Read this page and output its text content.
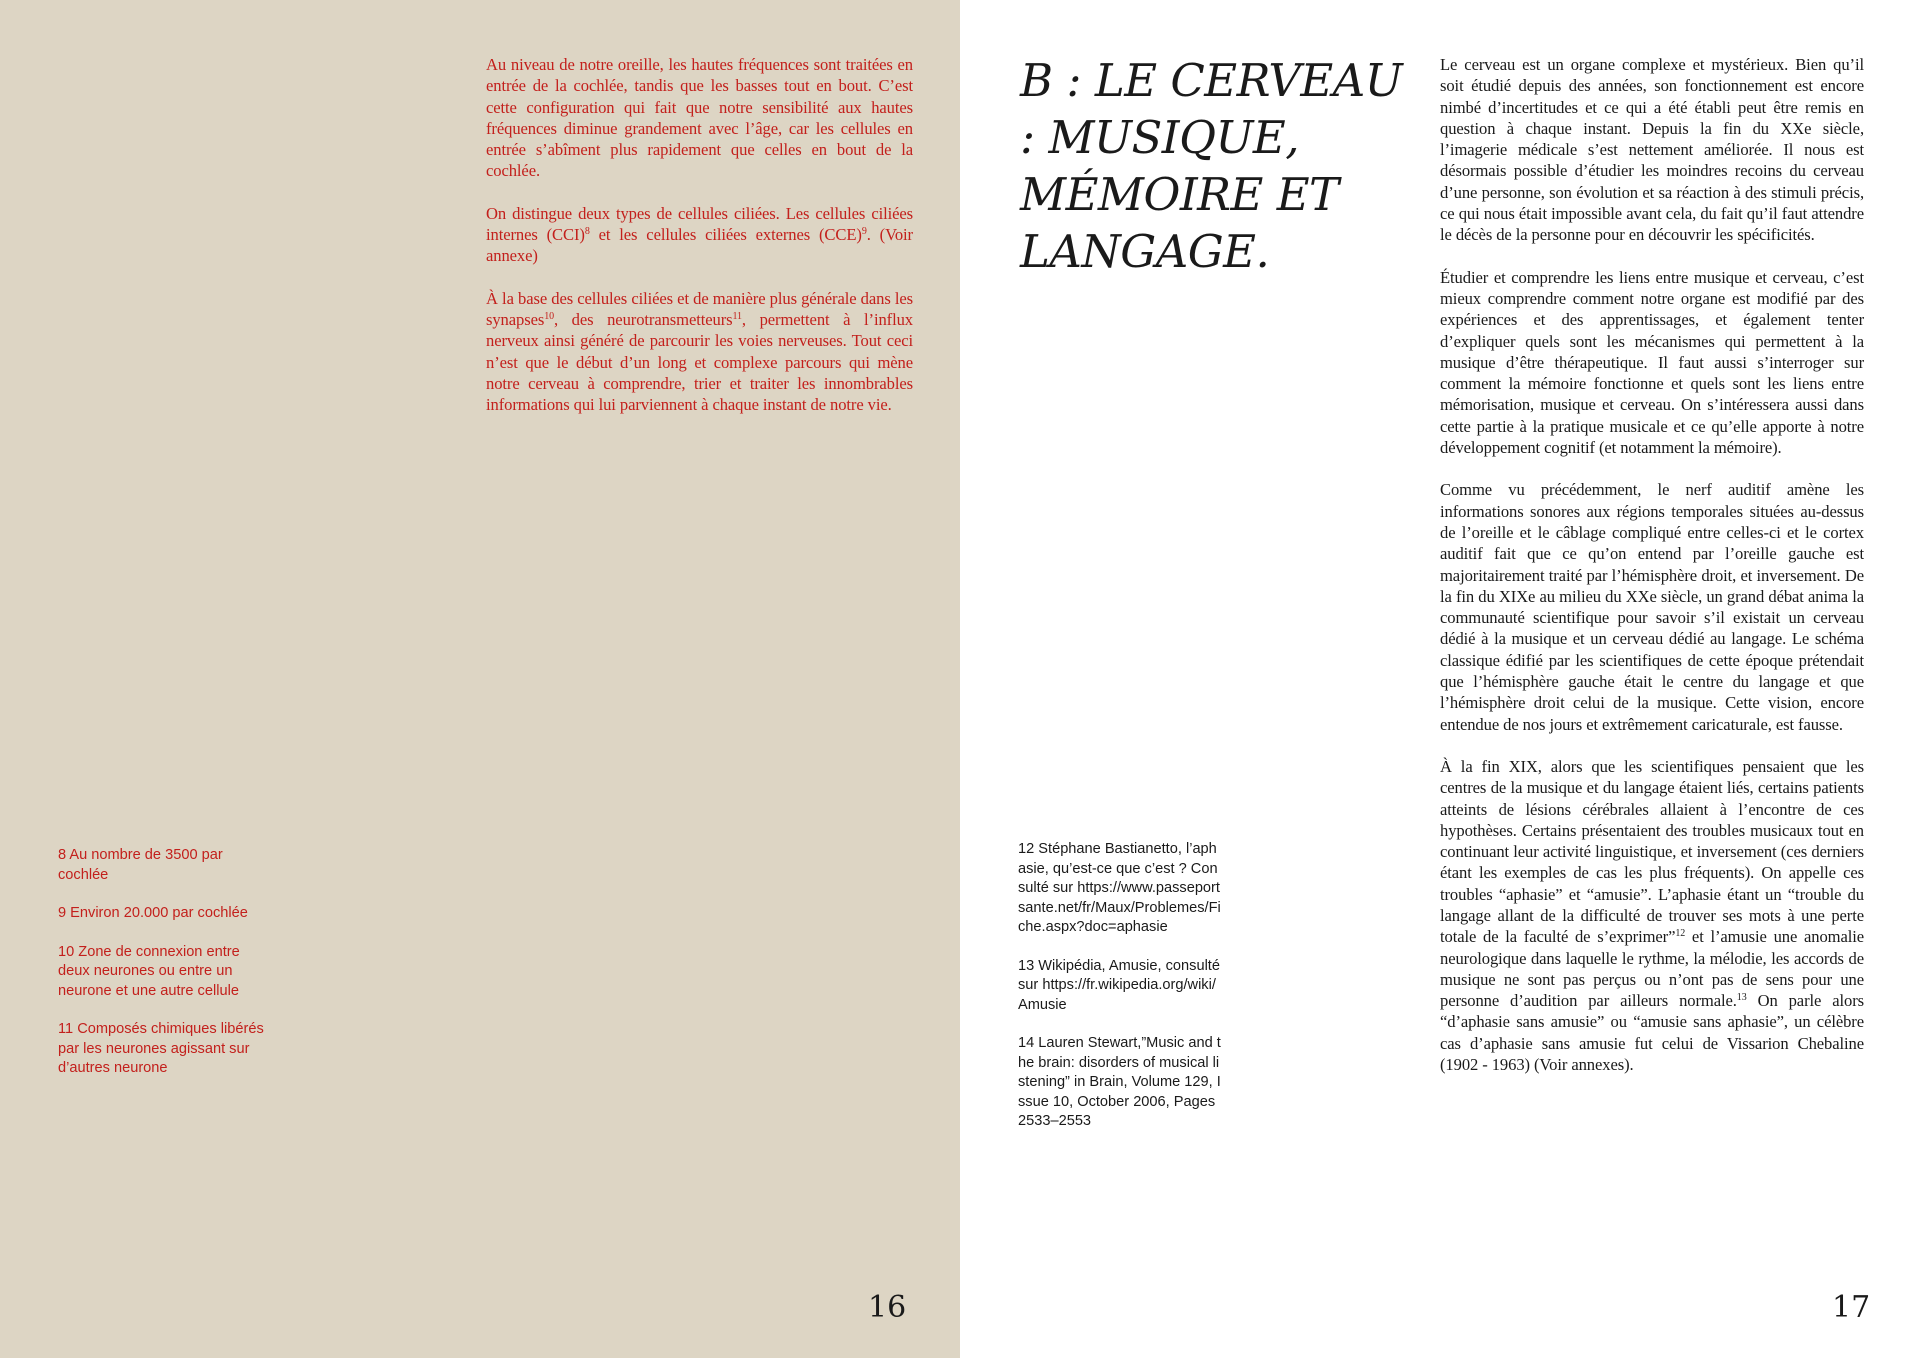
Au niveau de notre oreille, les hautes fréquences sont traitées en entrée de la cochlée, tandis que les basses tout en bout. C’est cette configuration qui fait que notre sensibilité aux hautes fréquences diminue grandement avec l’âge, car les cellules en entrée s’abîment plus rapidement que celles en bout de la cochlée.

On distingue deux types de cellules ciliées. Les cellules ciliées internes (CCI)$^8$ et les cellules ciliées externes (CCE)$^9$. (Voir annexe)

À la base des cellules ciliées et de manière plus générale dans les synapses$^{10}$, des neurotransmetteurs$^{11}$, permettent à l’influx nerveux ainsi généré de parcourir les voies nerveuses. Tout ceci n’est que le début d’un long et complexe parcours qui mène notre cerveau à comprendre, trier et traiter les innombrables informations qui lui parviennent à chaque instant de notre vie.

8 Au nombre de 3500 par cochlée

9 Environ 20.000 par cochlée

10 Zone de connexion entre deux neurones ou entre un neurone et une autre cellule

11 Composés chimiques libérés par les neurones agissant sur d’autres neurone

16
B : LE CERVEAU : MUSIQUE, MÉMOIRE ET LANGAGE.

Le cerveau est un organe complexe et mystérieux. Bien qu’il soit étudié depuis des années, son fonctionnement est encore nimbé d’incertitudes et ce qui a été établi peut être remis en question à chaque instant. Depuis la fin du XXe siècle, l’imagerie médicale s’est nettement améliorée. Il nous est désormais possible d’étudier les moindres recoins du cerveau d’une personne, son évolution et sa réaction à des stimuli précis, ce qui nous était impossible avant cela, du fait qu’il faut attendre le décès de la personne pour en découvrir les spécificités.

Étudier et comprendre les liens entre musique et cerveau, c’est mieux comprendre comment notre organe est modifié par des expériences et des apprentissages, et également tenter d’expliquer quels sont les mécanismes qui permettent à la musique d’être thérapeutique. Il faut aussi s’interroger sur comment la mémoire fonctionne et quels sont les liens entre mémorisation, musique et cerveau. On s’intéressera aussi dans cette partie à la pratique musicale et ce qu’elle apporte à notre développement cognitif (et notamment la mémoire).

Comme vu précédemment, le nerf auditif amène les informations sonores aux régions temporales situées au-dessus de l’oreille et le câblage compliqué entre celles-ci et le cortex auditif fait que ce qu’on entend par l’oreille gauche est majoritairement traité par l’hémisphère droit, et inversement. De la fin du XIXe au milieu du XXe siècle, un grand débat anima la communauté scientifique pour savoir s’il existait un cerveau dédié à la musique et un cerveau dédié au langage. Le schéma classique édifié par les scientifiques de cette époque prétendait que l’hémisphère gauche était le centre du langage et que l’hémisphère droit celui de la musique. Cette vision, encore entendue de nos jours et extrêmement caricaturale, est fausse.

À la fin XIX, alors que les scientifiques pensaient que les centres de la musique et du langage étaient liés, certains patients atteints de lésions cérébrales allaient à l’encontre de ces hypothèses. Certains présentaient des troubles musicaux tout en continuant leur activité linguistique, et inversement (ces derniers étant les exemples de cas les plus fréquents). On appelle ces troubles “aphasie” et “amusie”. L’aphasie étant un “trouble du langage allant de la difficulté de trouver ses mots à une perte totale de la faculté de s’exprimer”$^{12}$ et l’amusie une anomalie neurologique dans laquelle le rythme, la mélodie, les accords de musique ne sont pas perçus ou n’ont pas de sens pour une personne d’audition par ailleurs normale.$^{13}$ On parle alors “d’aphasie sans amusie” ou “amusie sans aphasie”, un célèbre cas d’aphasie sans amusie fut celui de Vissarion Chebaline (1902 - 1963) (Voir annexes).

12 Stéphane Bastianetto, l’aphasie, qu’est-ce que c’est ? Consulté sur https://www.passeportsante.net/fr/Maux/Problemes/Fiche.aspx?doc=aphasie

13 Wikipédia, Amusie, consulté sur https://fr.wikipedia.org/wiki/Amusie

14 Lauren Stewart,”Music and the brain: disorders of musical listening” in Brain, Volume 129, Issue 10, October 2006, Pages 2533–2553

17
